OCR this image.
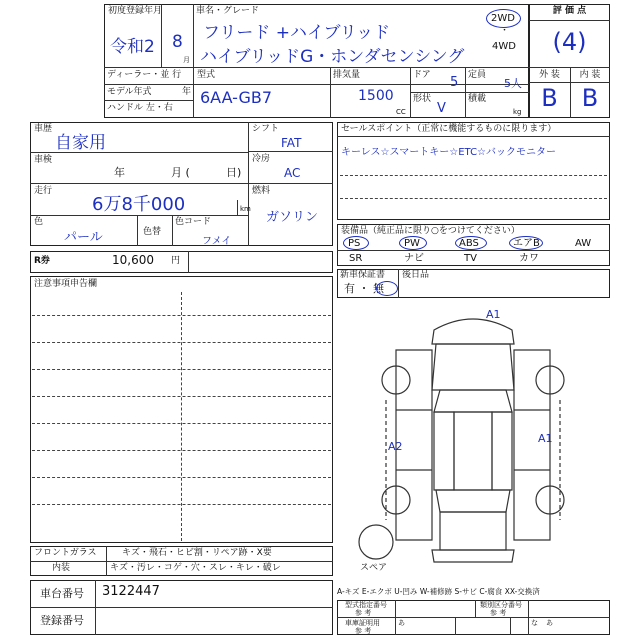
初度登録年月
令和2 8
月
車名・グレード
フリード +ハイブリッド
ハイブリッドG・ホンダセンシング
2WD
・
4WD
ディーラー・並 行
モデル年式	年
ハンドル 左・右
型式
6AA-GB7
排気量
1500
CC
ドア 5 定員
5人
形状
V
積載
kg
評 価 点
(4)
外 装	内 装
B	B
車歴
自家用
車検
年	月 (	日)
走行
6万8千000	km
色
パール	色替
色コード
フメイ
シフト
FAT
冷房
AC
燃料
ガソリン
R券	10,600 円
セールスポイント（正常に機能するものに限ります）
キーレス☆スマートキー☆ETC☆バックモニター
装備品（純正品に限り○をつけてください）
PS	PW	ABS	エアB	AW
SR	ナビ	TV	カワ
新車保証書
有 ・ 無
後日品
注意事項申告欄
A1
A2
A1
スペア
フロントガラス	キズ・飛石・ヒビ割・リペア跡・X要
内装	キズ・汚レ・コゲ・穴・スレ・キレ・破レ
車台番号 3122447
登録番号
A-キズ E-エクボ U-凹み W-補修跡 S-サビ C-腐食 XX-交換済
型式指定番号
参 考
類別区分番号
参 考
車庫証明用
参 考
あ	な あ
